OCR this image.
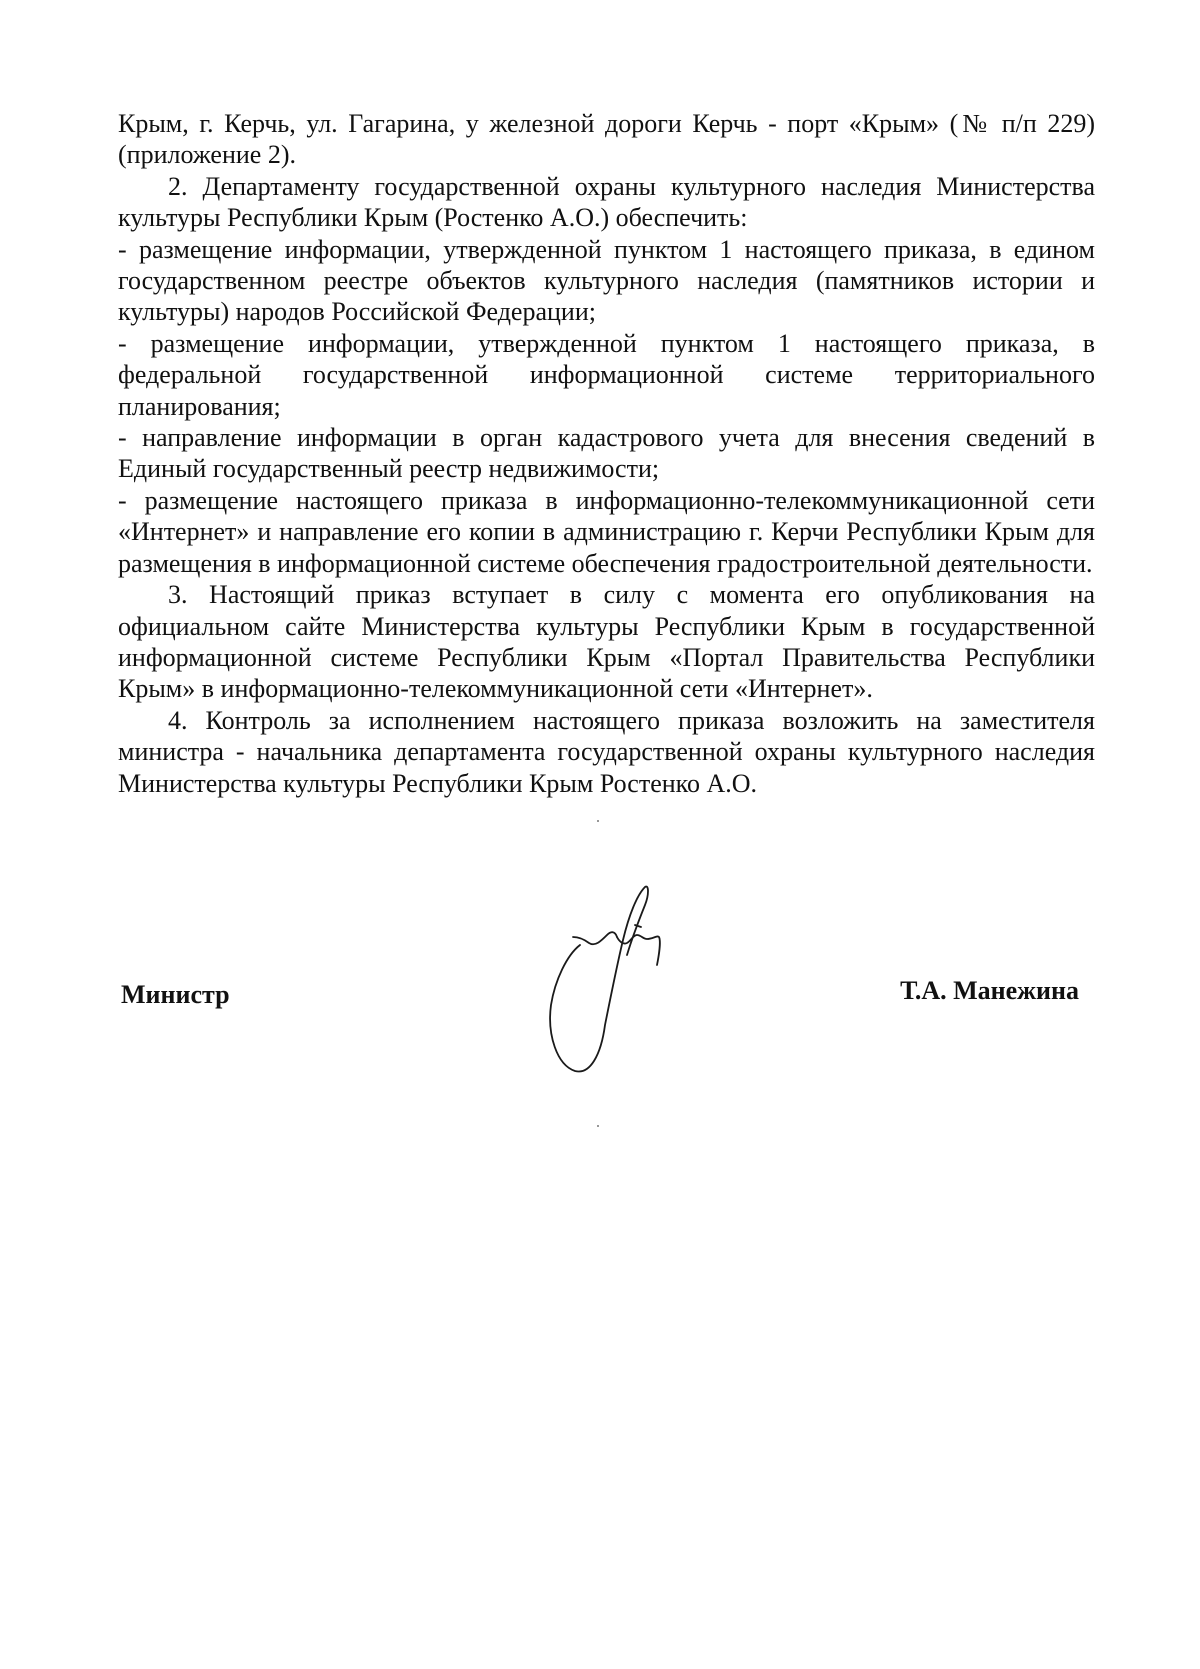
Крым, г. Керчь, ул. Гагарина, у железной дороги Керчь - порт «Крым» (№ п/п 229) (приложение 2).

2. Департаменту государственной охраны культурного наследия Министерства культуры Республики Крым (Ростенко А.О.) обеспечить:

- размещение информации, утвержденной пунктом 1 настоящего приказа, в едином государственном реестре объектов культурного наследия (памятников истории и культуры) народов Российской Федерации;

- размещение информации, утвержденной пунктом 1 настоящего приказа, в федеральной государственной информационной системе территориального планирования;

- направление информации в орган кадастрового учета для внесения сведений в Единый государственный реестр недвижимости;

- размещение настоящего приказа в информационно-телекоммуникационной сети «Интернет» и направление его копии в администрацию г. Керчи Республики Крым для размещения в информационной системе обеспечения градостроительной деятельности.

3. Настоящий приказ вступает в силу с момента его опубликования на официальном сайте Министерства культуры Республики Крым в государственной информационной системе Республики Крым «Портал Правительства Республики Крым» в информационно-телекоммуникационной сети «Интернет».

4. Контроль за исполнением настоящего приказа возложить на заместителя министра - начальника департамента государственной охраны культурного наследия Министерства культуры Республики Крым Ростенко А.О.

Министр	Т.А. Манежина
